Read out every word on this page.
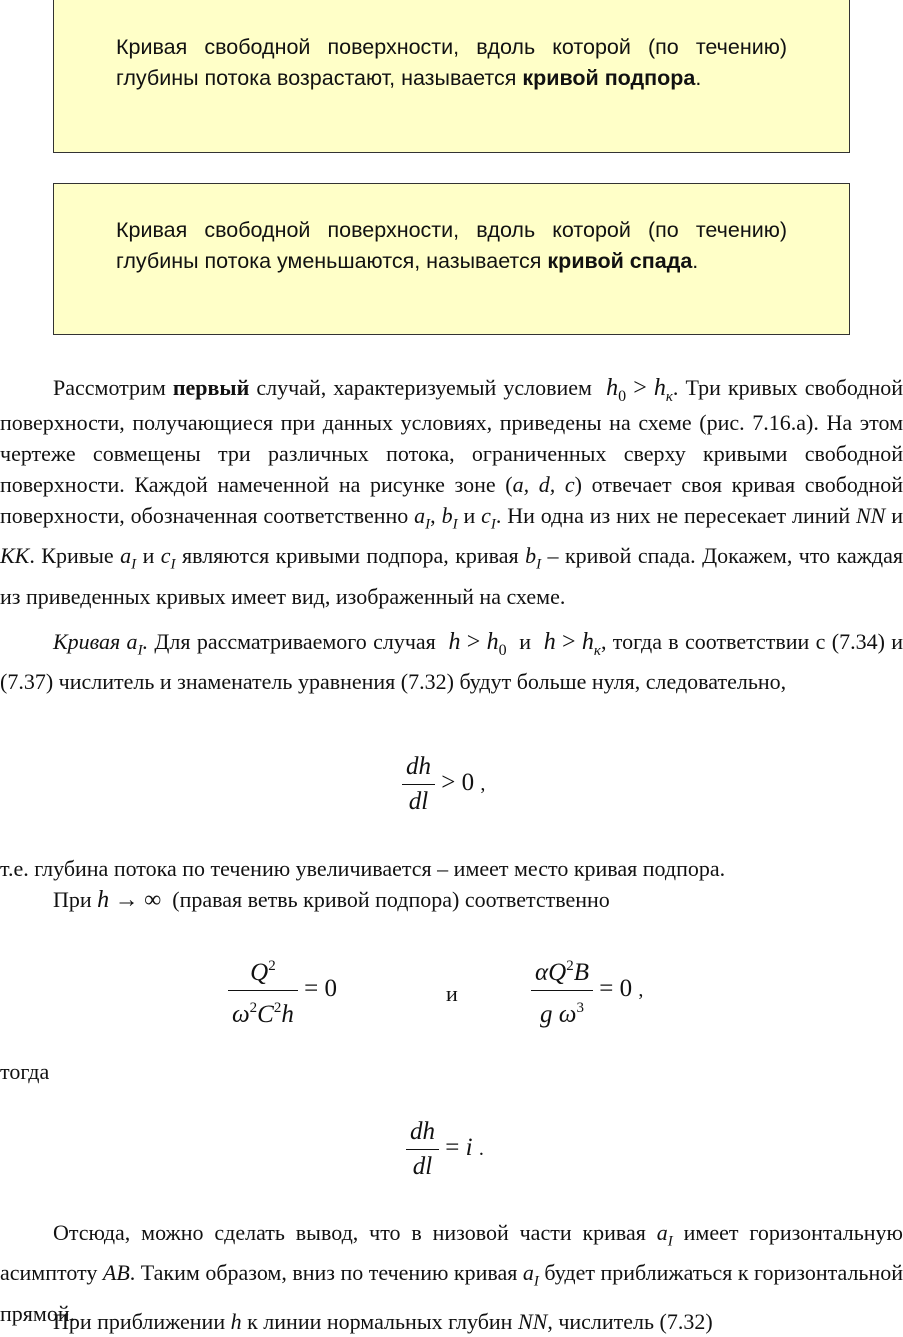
Кривая свободной поверхности, вдоль которой (по течению) глубины потока возрастают, называется кривой подпора.
Кривая свободной поверхности, вдоль которой (по течению) глубины потока уменьшаются, называется кривой спада.
Рассмотрим первый случай, характеризуемый условием  $h_0 > h_к$. Три кривых свободной поверхности, получающиеся при данных условиях, приведены на схеме (рис. 7.16.а). На этом чертеже совмещены три различных потока, ограниченных сверху кривыми свободной поверхности. Каждой намеченной на рисунке зоне (a, d, c) отвечает своя кривая свободной поверхности, обозначенная соответственно $a_I$, $b_I$ и $c_I$. Ни одна из них не пересекает линий NN и KK. Кривые $a_I$ и $c_I$ являются кривыми подпора, кривая $b_I$ – кривой спада. Докажем, что каждая из приведенных кривых имеет вид, изображенный на схеме.
Кривая $a_I$. Для рассматриваемого случая  $h > h_0$  и  $h > h_к$, тогда в соответствии с (7.34) и (7.37) числитель и знаменатель уравнения (7.32) будут больше нуля, следовательно,
$\frac{dh}{dl} > 0$ ,
т.е. глубина потока по течению увеличивается – имеет место кривая подпора.
При h → ∞  (правая ветвь кривой подпора) соответственно
$\frac{Q^2}{\omega^2C^2h} = 0$	и	$\frac{\alpha Q^2B}{g \omega^3} = 0$ ,
тогда
$\frac{dh}{dl} = i$ .
Отсюда, можно сделать вывод, что в низовой части кривая $a_I$ имеет горизонтальную асимптоту AB. Таким образом, вниз по течению кривая $a_I$ будет приближаться к горизонтальной прямой.
При приближении h к линии нормальных глубин NN, числитель (7.32)
